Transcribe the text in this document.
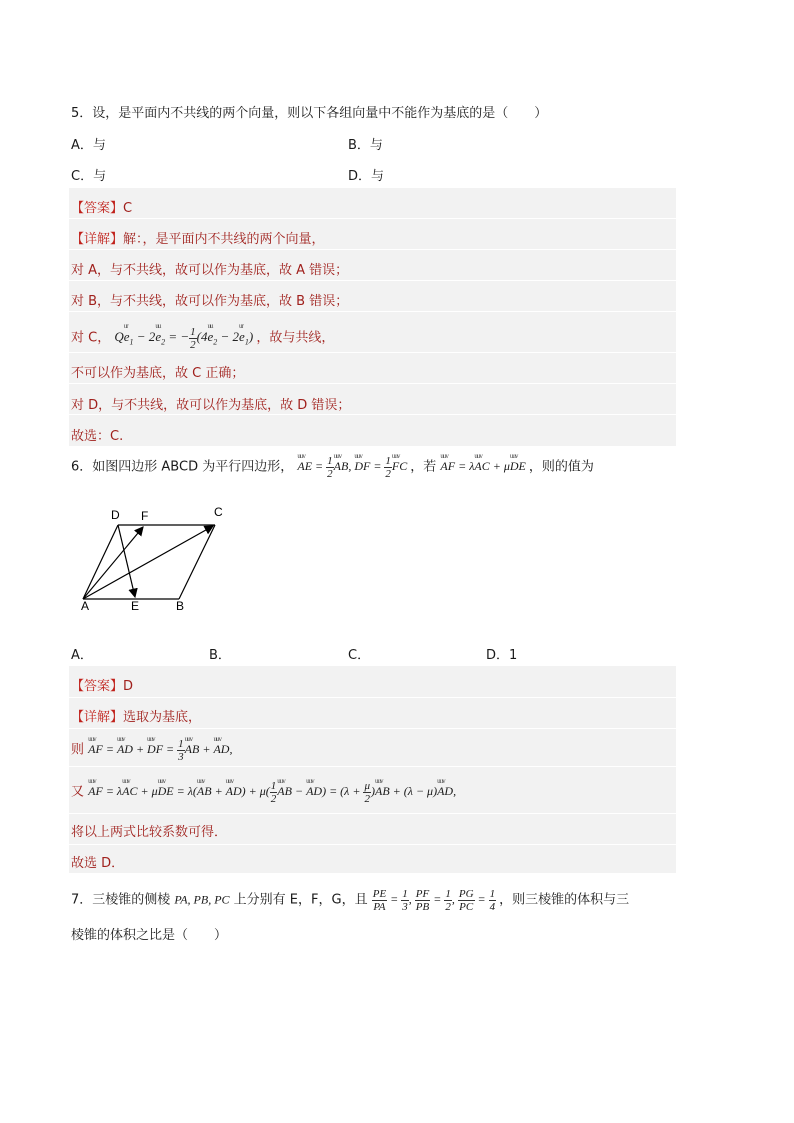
5．设，是平面内不共线的两个向量，则以下各组向量中不能作为基底的是（　　）
A．与	B．与
C．与	D．与
【答案】C
【详解】解：，是平面内不共线的两个向量，
对 A，与不共线，故可以作为基底，故 A 错误；
对 B，与不共线，故可以作为基底，故 B 错误；
对 C， $Qe_1$
ur
− $2e_2$
uu
= − $\frac{1}{2} (4e_2$
uu
− $2e_1$
ur
) ，故与共线，
不可以作为基底，故 C 正确；
对 D，与不共线，故可以作为基底，故 D 错误；
故选：C.
6．如图四边形 ABCD 为平行四边形， AE
uuv
= $\frac{1}{2}$ AB
uuv
, DF
uuv
= $\frac{1}{2}$ FC
uuv
，若 AF
uuv
= λAC
uuv
+ μDE
uuv
，则的值为
D F	C
A	E	B
A．	B．	C．	D．1
【答案】D
【详解】选取为基底，
则 AF
uuv
= AD
uuv
+ DF
uuv
= $\frac{1}{3}$ AB
uuv
+ AD
uuv
,
又 AF
uuv
= λAC
uuv
+ μDE
uuv
= λ(AB
uuv
+ AD
uuv
) + $\mu( \frac{1}{2}$ AB
uuv
− AD
uuv
) = $(\lambda + \frac{\mu}{2} )AB$
uuv
+ (λ − μ)AD
uuv
,
将以上两式比较系数可得．
故选 D．
7．三棱锥的侧棱 PA, PB, PC 上分别有 E，F，G，且 $\frac{PE}{PA} = \frac{1}{3}$ , $\frac{PF}{PB} = \frac{1}{2}$ , $\frac{PG}{PC} = \frac{1}{4}$ ，则三棱锥的体积与三
棱锥的体积之比是（　　）
